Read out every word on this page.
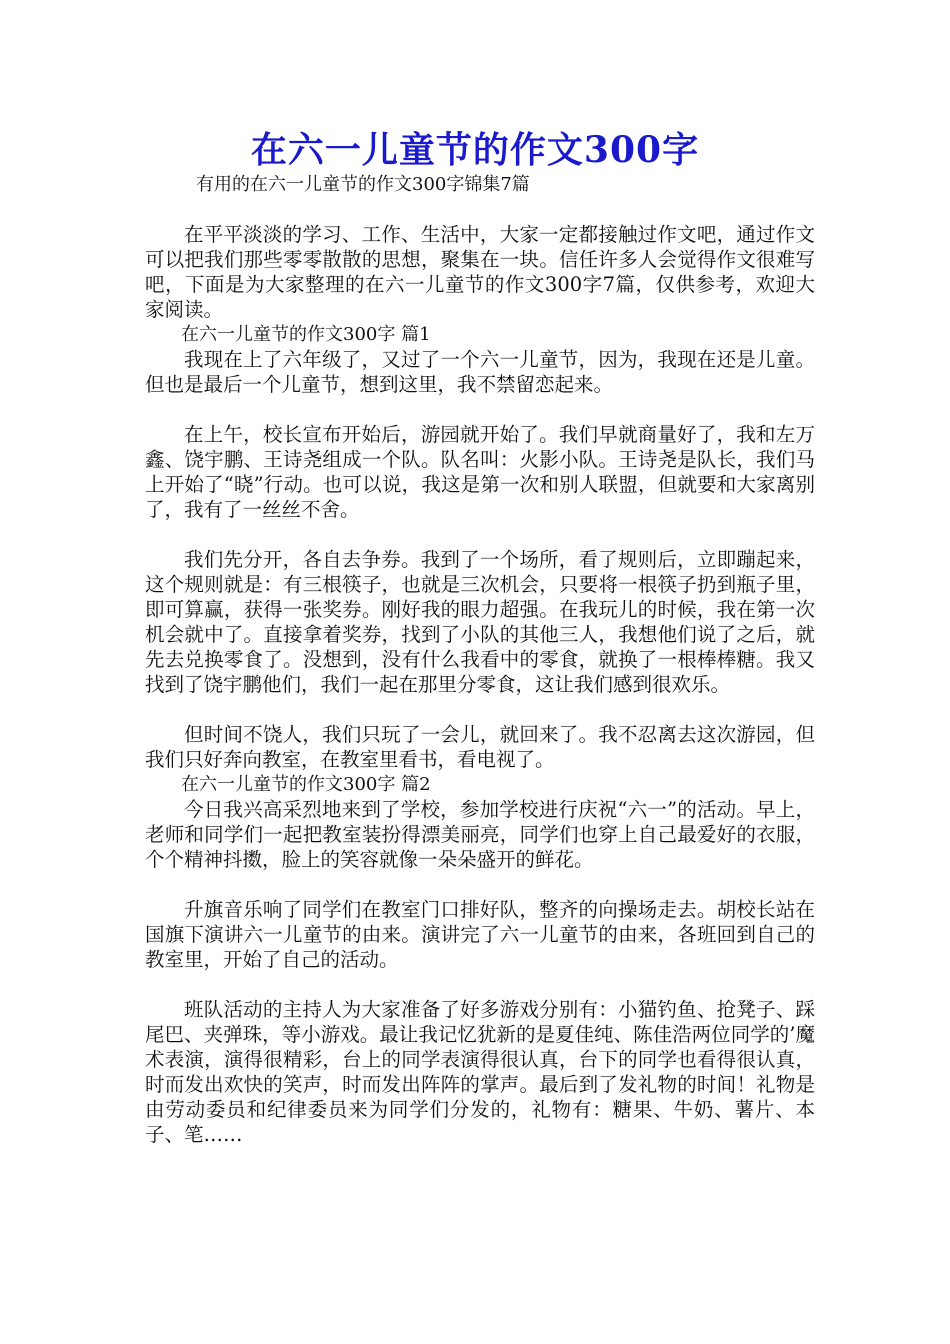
在六一儿童节的作文300字

有用的在六一儿童节的作文300字锦集7篇

在平平淡淡的学习、工作、生活中，大家一定都接触过作文吧，通过作文可以把我们那些零零散散的思想，聚集在一块。信任许多人会觉得作文很难写吧，下面是为大家整理的在六一儿童节的作文300字7篇，仅供参考，欢迎大家阅读。

在六一儿童节的作文300字 篇1

我现在上了六年级了，又过了一个六一儿童节，因为，我现在还是儿童。但也是最后一个儿童节，想到这里，我不禁留恋起来。

在上午，校长宣布开始后，游园就开始了。我们早就商量好了，我和左万鑫、饶宇鹏、王诗尧组成一个队。队名叫：火影小队。王诗尧是队长，我们马上开始了“晓”行动。也可以说，我这是第一次和别人联盟，但就要和大家离别了，我有了一丝丝不舍。

我们先分开，各自去争券。我到了一个场所，看了规则后，立即蹦起来，这个规则就是：有三根筷子，也就是三次机会，只要将一根筷子扔到瓶子里，即可算赢，获得一张奖券。刚好我的眼力超强。在我玩儿的时候，我在第一次机会就中了。直接拿着奖券，找到了小队的其他三人，我想他们说了之后，就先去兑换零食了。没想到，没有什么我看中的零食，就换了一根棒棒糖。我又找到了饶宇鹏他们，我们一起在那里分零食，这让我们感到很欢乐。

但时间不饶人，我们只玩了一会儿，就回来了。我不忍离去这次游园，但我们只好奔向教室，在教室里看书，看电视了。

在六一儿童节的作文300字 篇2

今日我兴高采烈地来到了学校，参加学校进行庆祝“六一”的活动。早上，老师和同学们一起把教室装扮得漂美丽亮，同学们也穿上自己最爱好的衣服，个个精神抖擞，脸上的笑容就像一朵朵盛开的鲜花。

升旗音乐响了同学们在教室门口排好队，整齐的向操场走去。胡校长站在国旗下演讲六一儿童节的由来。演讲完了六一儿童节的由来，各班回到自己的教室里，开始了自己的活动。

班队活动的主持人为大家准备了好多游戏分别有：小猫钓鱼、抢凳子、踩尾巴、夹弹珠，等小游戏。最让我记忆犹新的是夏佳纯、陈佳浩两位同学的’魔术表演，演得很精彩，台上的同学表演得很认真，台下的同学也看得很认真，时而发出欢快的笑声，时而发出阵阵的掌声。最后到了发礼物的时间！礼物是由劳动委员和纪律委员来为同学们分发的，礼物有：糖果、牛奶、薯片、本子、笔……
